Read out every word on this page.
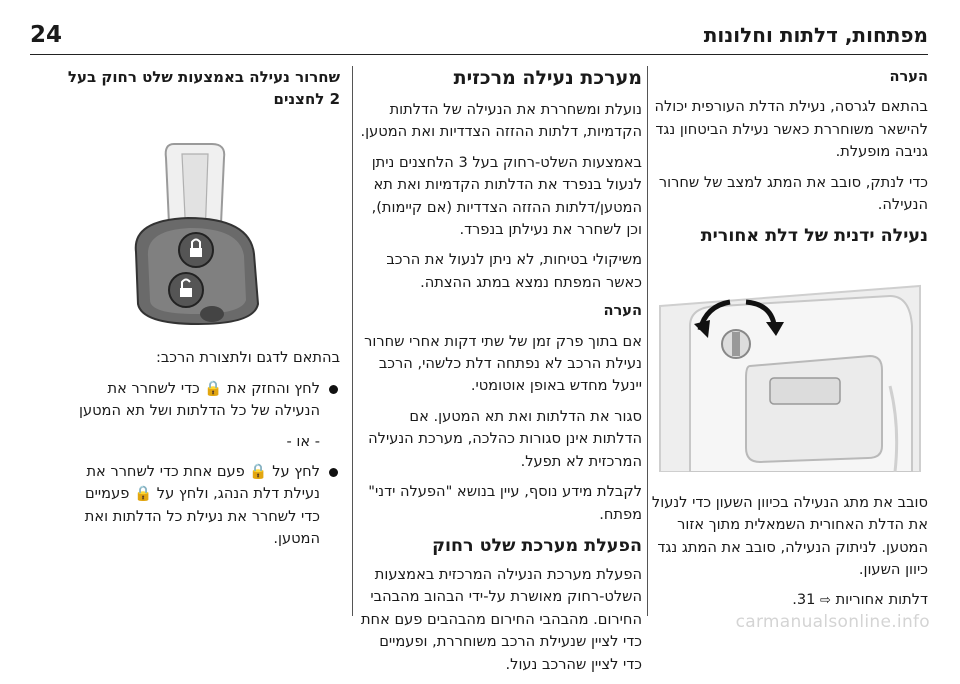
24	מפתחות, דלתות וחלונות

הערה

בהתאם לגרסה, נעילת הדלת העורפית יכולה להישאר משוחררת כאשר נעילת הביטחון נגד גניבה מופעלת.

כדי לנתק, סובב את המתג למצב של שחרור הנעילה.

נעילה ידנית של דלת אחורית

סובב את מתג הנעילה בכיוון השעון כדי לנעול את הדלת האחורית השמאלית מתוך אזור המטען. לניתוק הנעילה, סובב את המתג נגד כיוון השעון.

דלתות אחוריות ⇨ 31.

מערכת נעילה מרכזית

נועלת ומשחררת את הנעילה של הדלתות הקדמיות, דלתות ההזזה הצדדיות ואת המטען.

באמצעות השלט-רחוק בעל 3 הלחצנים ניתן לנעול בנפרד את הדלתות הקדמיות ואת תא המטען/דלתות ההזזה הצדדיות (אם קיימות), וכן לשחרר את נעילתן בנפרד.

משיקולי בטיחות, לא ניתן לנעול את הרכב כאשר המפתח נמצא במתג ההצתה.

הערה

אם בתוך פרק זמן של שתי דקות אחרי שחרור נעילת הרכב לא נפתחה דלת כלשהי, הרכב יינעל מחדש באופן אוטומטי.

סגור את הדלתות ואת תא המטען. אם הדלתות אינן סגורות כהלכה, מערכת הנעילה המרכזית לא תפעל.

לקבלת מידע נוסף, עיין בנושא "הפעלה ידני" מפתח.

הפעלת מערכת שלט רחוק

הפעלת מערכת הנעילה המרכזית באמצעות השלט-רחוק מאושרת על-ידי הבהוב מהבהבי החירום. מהבהבי החירום מהבהבים פעם אחת כדי לציין שנעילת הרכב משוחררת, ופעמיים כדי לציין שהרכב נעול.

שחרור נעילה באמצעות שלט רחוק בעל 2 לחצנים

בהתאם לדגם ולתצורת הרכב:

לחץ והחזק את 🔒 כדי לשחרר את הנעילה של כל הדלתות ושל תא המטען

- או -

לחץ על 🔒 פעם אחת כדי לשחרר את נעילת דלת הנהג, ולחץ על 🔒 פעמיים כדי לשחרר את נעילת כל הדלתות ואת המטען.

carmanualsonline.info
